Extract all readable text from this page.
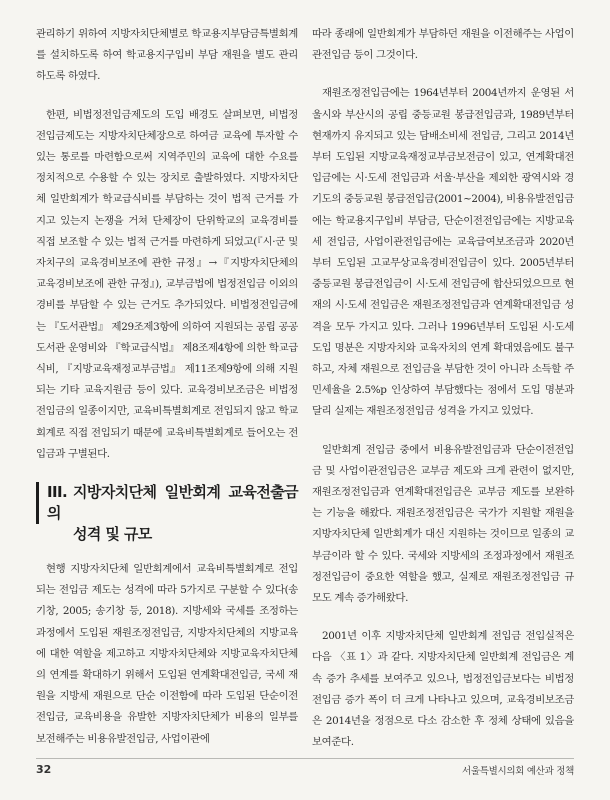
관리하기 위하여 지방자치단체별로 학교용지부담금특별회계를 설치하도록 하여 학교용지구입비 부담 재원을 별도 관리하도록 하였다.

한편, 비법정전입금제도의 도입 배경도 살펴보면, 비법정전입금제도는 지방자치단체장으로 하여금 교육에 투자할 수 있는 통로를 마련함으로써 지역주민의 교육에 대한 수요를 정치적으로 수용할 수 있는 장치로 출발하였다. 지방자치단체 일반회계가 학교급식비를 부담하는 것이 법적 근거를 가지고 있는지 논쟁을 거쳐 단체장이 단위학교의 교육경비를 직접 보조할 수 있는 법적 근거를 마련하게 되었고(『시·군 및 자치구의 교육경비보조에 관한 규정』→『지방자치단체의 교육경비보조에 관한 규정』), 교부금법에 법정전입금 이외의 경비를 부담할 수 있는 근거도 추가되었다. 비법정전입금에는 『도서관법』 제29조제3항에 의하여 지원되는 공립 공공도서관 운영비와 『학교급식법』 제8조제4항에 의한 학교급식비, 『지방교육재정교부금법』 제11조제9항에 의해 지원되는 기타 교육지원금 등이 있다. 교육경비보조금은 비법정전입금의 일종이지만, 교육비특별회계로 전입되지 않고 학교회계로 직접 전입되기 때문에 교육비특별회계로 들어오는 전입금과 구별된다.

III. 지방자치단체 일반회계 교육전출금의
성격 및 규모

현행 지방자치단체 일반회계에서 교육비특별회계로 전입되는 전입금 제도는 성격에 따라 5가지로 구분할 수 있다(송기창, 2005; 송기창 등, 2018). 지방세와 국세를 조정하는 과정에서 도입된 재원조정전입금, 지방자치단체의 지방교육에 대한 역할을 제고하고 지방자치단체와 지방교육자치단체의 연계를 확대하기 위해서 도입된 연계확대전입금, 국세 재원을 지방세 재원으로 단순 이전함에 따라 도입된 단순이전전입금, 교육비용을 유발한 지방자치단체가 비용의 일부를 보전해주는 비용유발전입금, 사업이관에

따라 종래에 일반회계가 부담하던 재원을 이전해주는 사업이관전입금 등이 그것이다.

재원조정전입금에는 1964년부터 2004년까지 운영된 서울시와 부산시의 공립 중등교원 봉급전입금과, 1989년부터 현재까지 유지되고 있는 담배소비세 전입금, 그리고 2014년부터 도입된 지방교육재정교부금보전금이 있고, 연계확대전입금에는 시·도세 전입금과 서울·부산을 제외한 광역시와 경기도의 중등교원 봉급전입금(2001~2004), 비용유발전입금에는 학교용지구입비 부담금, 단순이전전입금에는 지방교육세 전입금, 사업이관전입금에는 교육급여보조금과 2020년부터 도입된 고교무상교육경비전입금이 있다. 2005년부터 중등교원 봉급전입금이 시·도세 전입금에 합산되었으므로 현재의 시·도세 전입금은 재원조정전입금과 연계확대전입금 성격을 모두 가지고 있다. 그러나 1996년부터 도입된 시·도세 도입 명분은 지방자치와 교육자치의 연계 확대였음에도 불구하고, 자체 재원으로 전입금을 부담한 것이 아니라 소득할 주민세율을 2.5%p 인상하여 부담했다는 점에서 도입 명분과 달리 실제는 재원조정전입금 성격을 가지고 있었다.

일반회계 전입금 중에서 비용유발전입금과 단순이전전입금 및 사업이관전입금은 교부금 제도와 크게 관련이 없지만, 재원조정전입금과 연계확대전입금은 교부금 제도를 보완하는 기능을 해왔다. 재원조정전입금은 국가가 지원할 재원을 지방자치단체 일반회계가 대신 지원하는 것이므로 일종의 교부금이라 할 수 있다. 국세와 지방세의 조정과정에서 재원조정전입금이 중요한 역할을 했고, 실제로 재원조정전입금 규모도 계속 증가해왔다.

2001년 이후 지방자치단체 일반회계 전입금 전입실적은 다음 〈표 1〉과 같다. 지방자치단체 일반회계 전입금은 계속 증가 추세를 보여주고 있으나, 법정전입금보다는 비법정전입금 증가 폭이 더 크게 나타나고 있으며, 교육경비보조금은 2014년을 정점으로 다소 감소한 후 정체 상태에 있음을 보여준다.

32	서울특별시의회 예산과 정책
